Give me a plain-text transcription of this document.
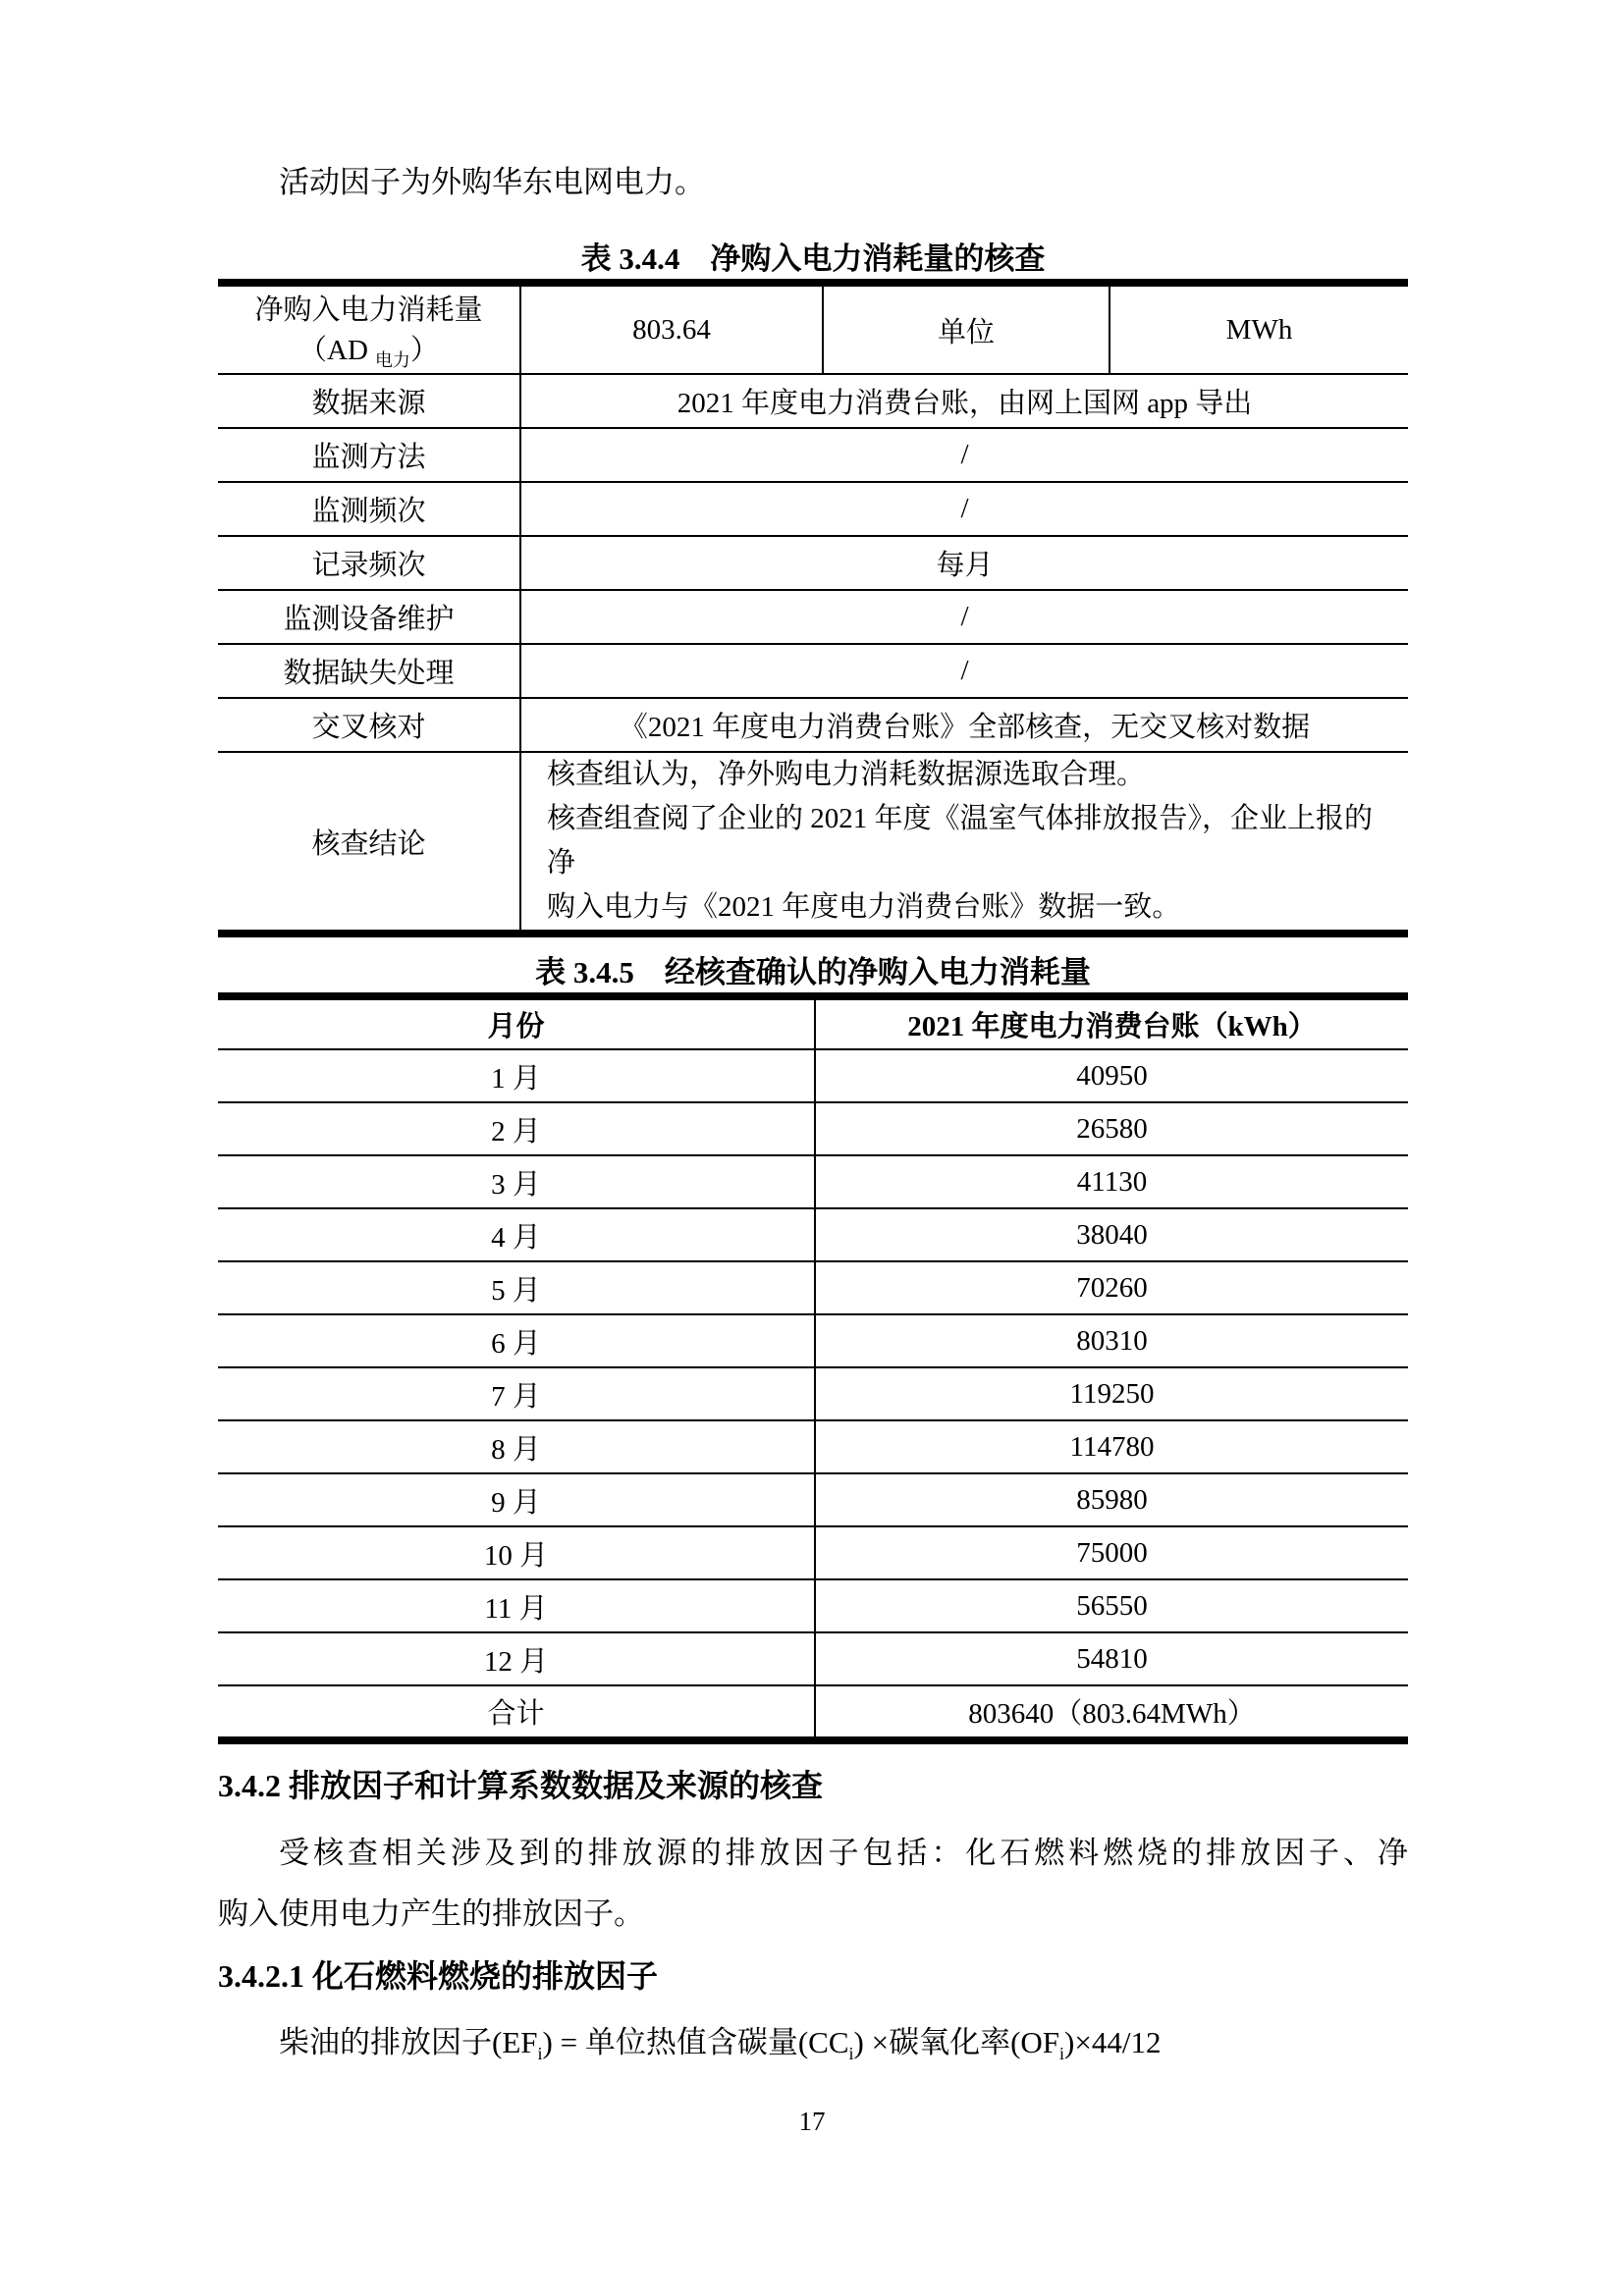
活动因子为外购华东电网电力。

表 3.4.4　净购入电力消耗量的核查
净购入电力消耗量
（AD $_{电力}$）	803.64	单位	MWh
数据来源	2021 年度电力消费台账，由网上国网 app 导出		
监测方法	/		
监测频次	/		
记录频次	每月		
监测设备维护	/		
数据缺失处理	/		
交叉核对	《2021 年度电力消费台账》全部核查，无交叉核对数据		
核查结论	核查组认为，净外购电力消耗数据源选取合理。
核查组查阅了企业的 2021 年度《温室气体排放报告》，企业上报的净
购入电力与《2021 年度电力消费台账》数据一致。		
表 3.4.5　经核查确认的净购入电力消耗量
月份	2021 年度电力消费台账（kWh）
1 月	40950
2 月	26580
3 月	41130
4 月	38040
5 月	70260
6 月	80310
7 月	119250
8 月	114780
9 月	85980
10 月	75000
11 月	56550
12 月	54810
合计	803640（803.64MWh）
3.4.2 排放因子和计算系数数据及来源的核查
受核查相关涉及到的排放源的排放因子包括：化石燃料燃烧的排放因子、净
购入使用电力产生的排放因子。
3.4.2.1 化石燃料燃烧的排放因子
柴油的排放因子$(EF_i)$ = 单位热值含碳量$(CC_i)$ ×碳氧化率$(OF_i)\times 44/12$
17
